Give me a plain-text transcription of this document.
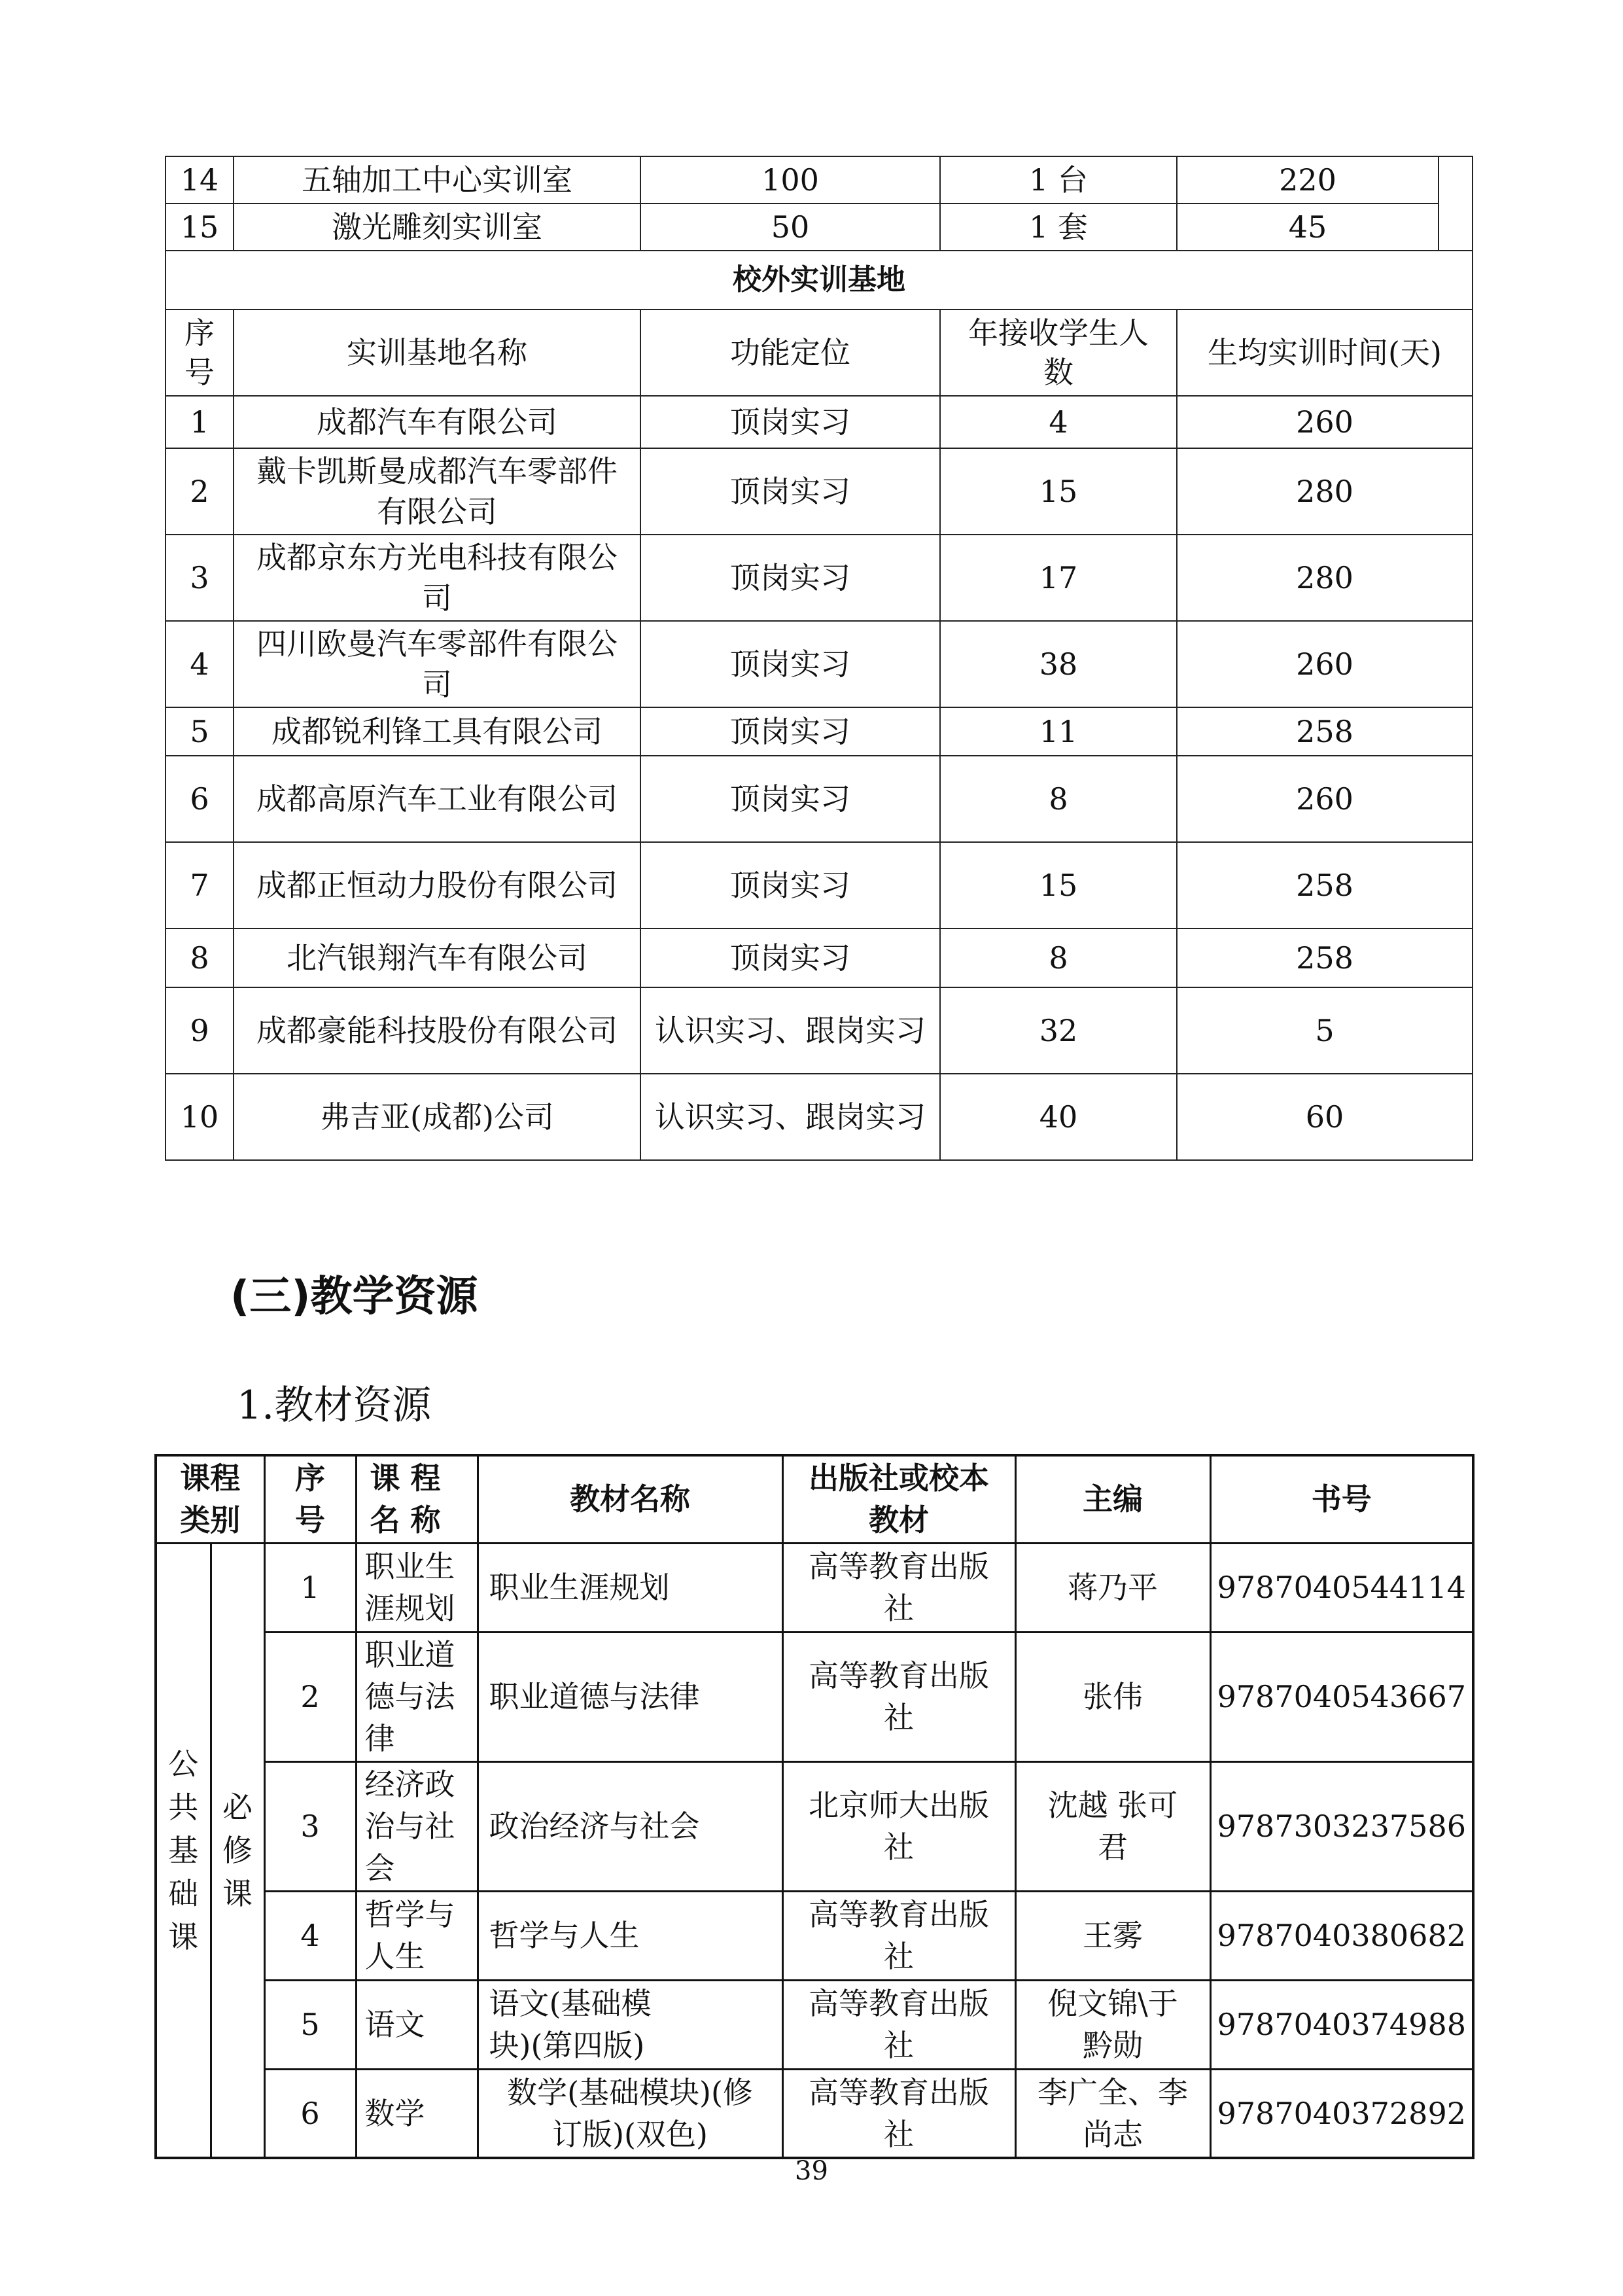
14	五轴加工中心实训室	100	1 台	220	
15	激光雕刻实训室	50	1 套	45	
校外实训基地					
序号	实训基地名称	功能定位	年接收学生人数	生均实训时间(天)	
1	成都汽车有限公司	顶岗实习	4	260	
2	戴卡凯斯曼成都汽车零部件有限公司	顶岗实习	15	280	
3	成都京东方光电科技有限公司	顶岗实习	17	280	
4	四川欧曼汽车零部件有限公司	顶岗实习	38	260	
5	成都锐利锋工具有限公司	顶岗实习	11	258	
6	成都高原汽车工业有限公司	顶岗实习	8	260	
7	成都正恒动力股份有限公司	顶岗实习	15	258	
8	北汽银翔汽车有限公司	顶岗实习	8	258	
9	成都豪能科技股份有限公司	认识实习、跟岗实习	32	5	
10	弗吉亚(成都)公司	认识实习、跟岗实习	40	60	
(三)教学资源
1.教材资源
课程类别		序号	课 程 名 称	教材名称	出版社或校本教材	主编	书号
公共基础课	必修课	1	职业生涯规划	职业生涯规划	高等教育出版社	蒋乃平	9787040544114
		2	职业道德与法律	职业道德与法律	高等教育出版社	张伟	9787040543667
		3	经济政治与社会	政治经济与社会	北京师大出版社	沈越 张可君	9787303237586
		4	哲学与人生	哲学与人生	高等教育出版社	王雾	9787040380682
		5	语文	语文(基础模块)(第四版)	高等教育出版社	倪文锦\于黔勋	9787040374988
		6	数学	数学(基础模块)(修订版)(双色)	高等教育出版社	李广全、李尚志	9787040372892
39
